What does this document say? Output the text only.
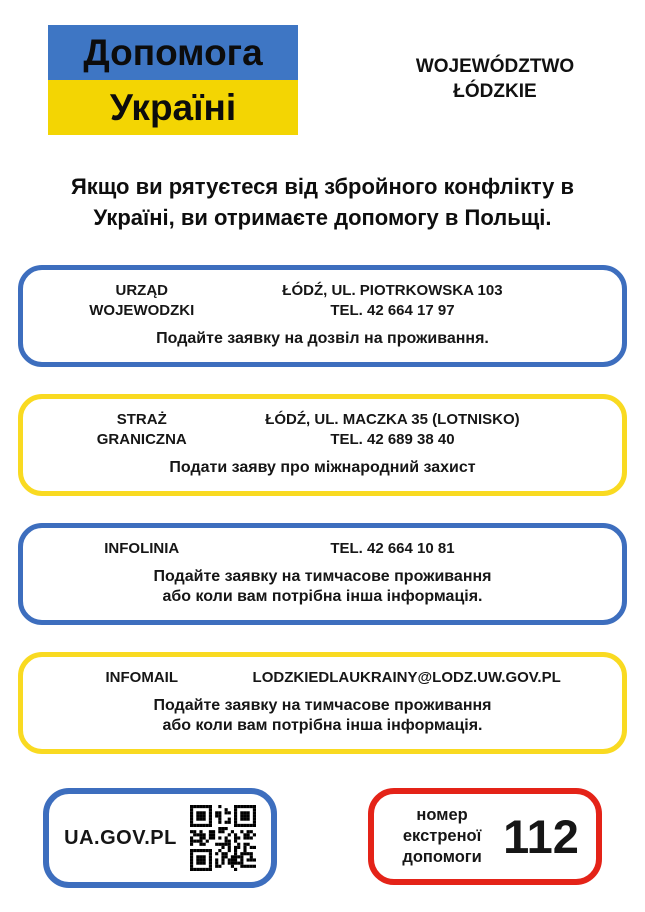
Допомога
Україні
WOJEWÓDZTWO
ŁÓDZKIE
Якщо ви рятуєтеся від збройного конфлікту в
Україні, ви отримаєте допомогу в Польщі.
URZĄD
WOJEWODZKI
ŁÓDŹ, UL. PIOTRKOWSKA 103
TEL. 42 664 17 97
Подайте заявку на дозвіл на проживання.
STRAŻ
GRANICZNA
ŁÓDŹ, UL. MACZKA 35 (LOTNISKO)
TEL. 42 689 38 40
Подати заяву про міжнародний захист
INFOLINIA	TEL. 42 664 10 81
Подайте заявку на тимчасове проживання
або коли вам потрібна інша інформація.
INFOMAIL	LODZKIEDLAUKRAINY@LODZ.UW.GOV.PL
Подайте заявку на тимчасове проживання
або коли вам потрібна інша інформація.
UA.GOV.PL
номер екстреної допомоги 112
